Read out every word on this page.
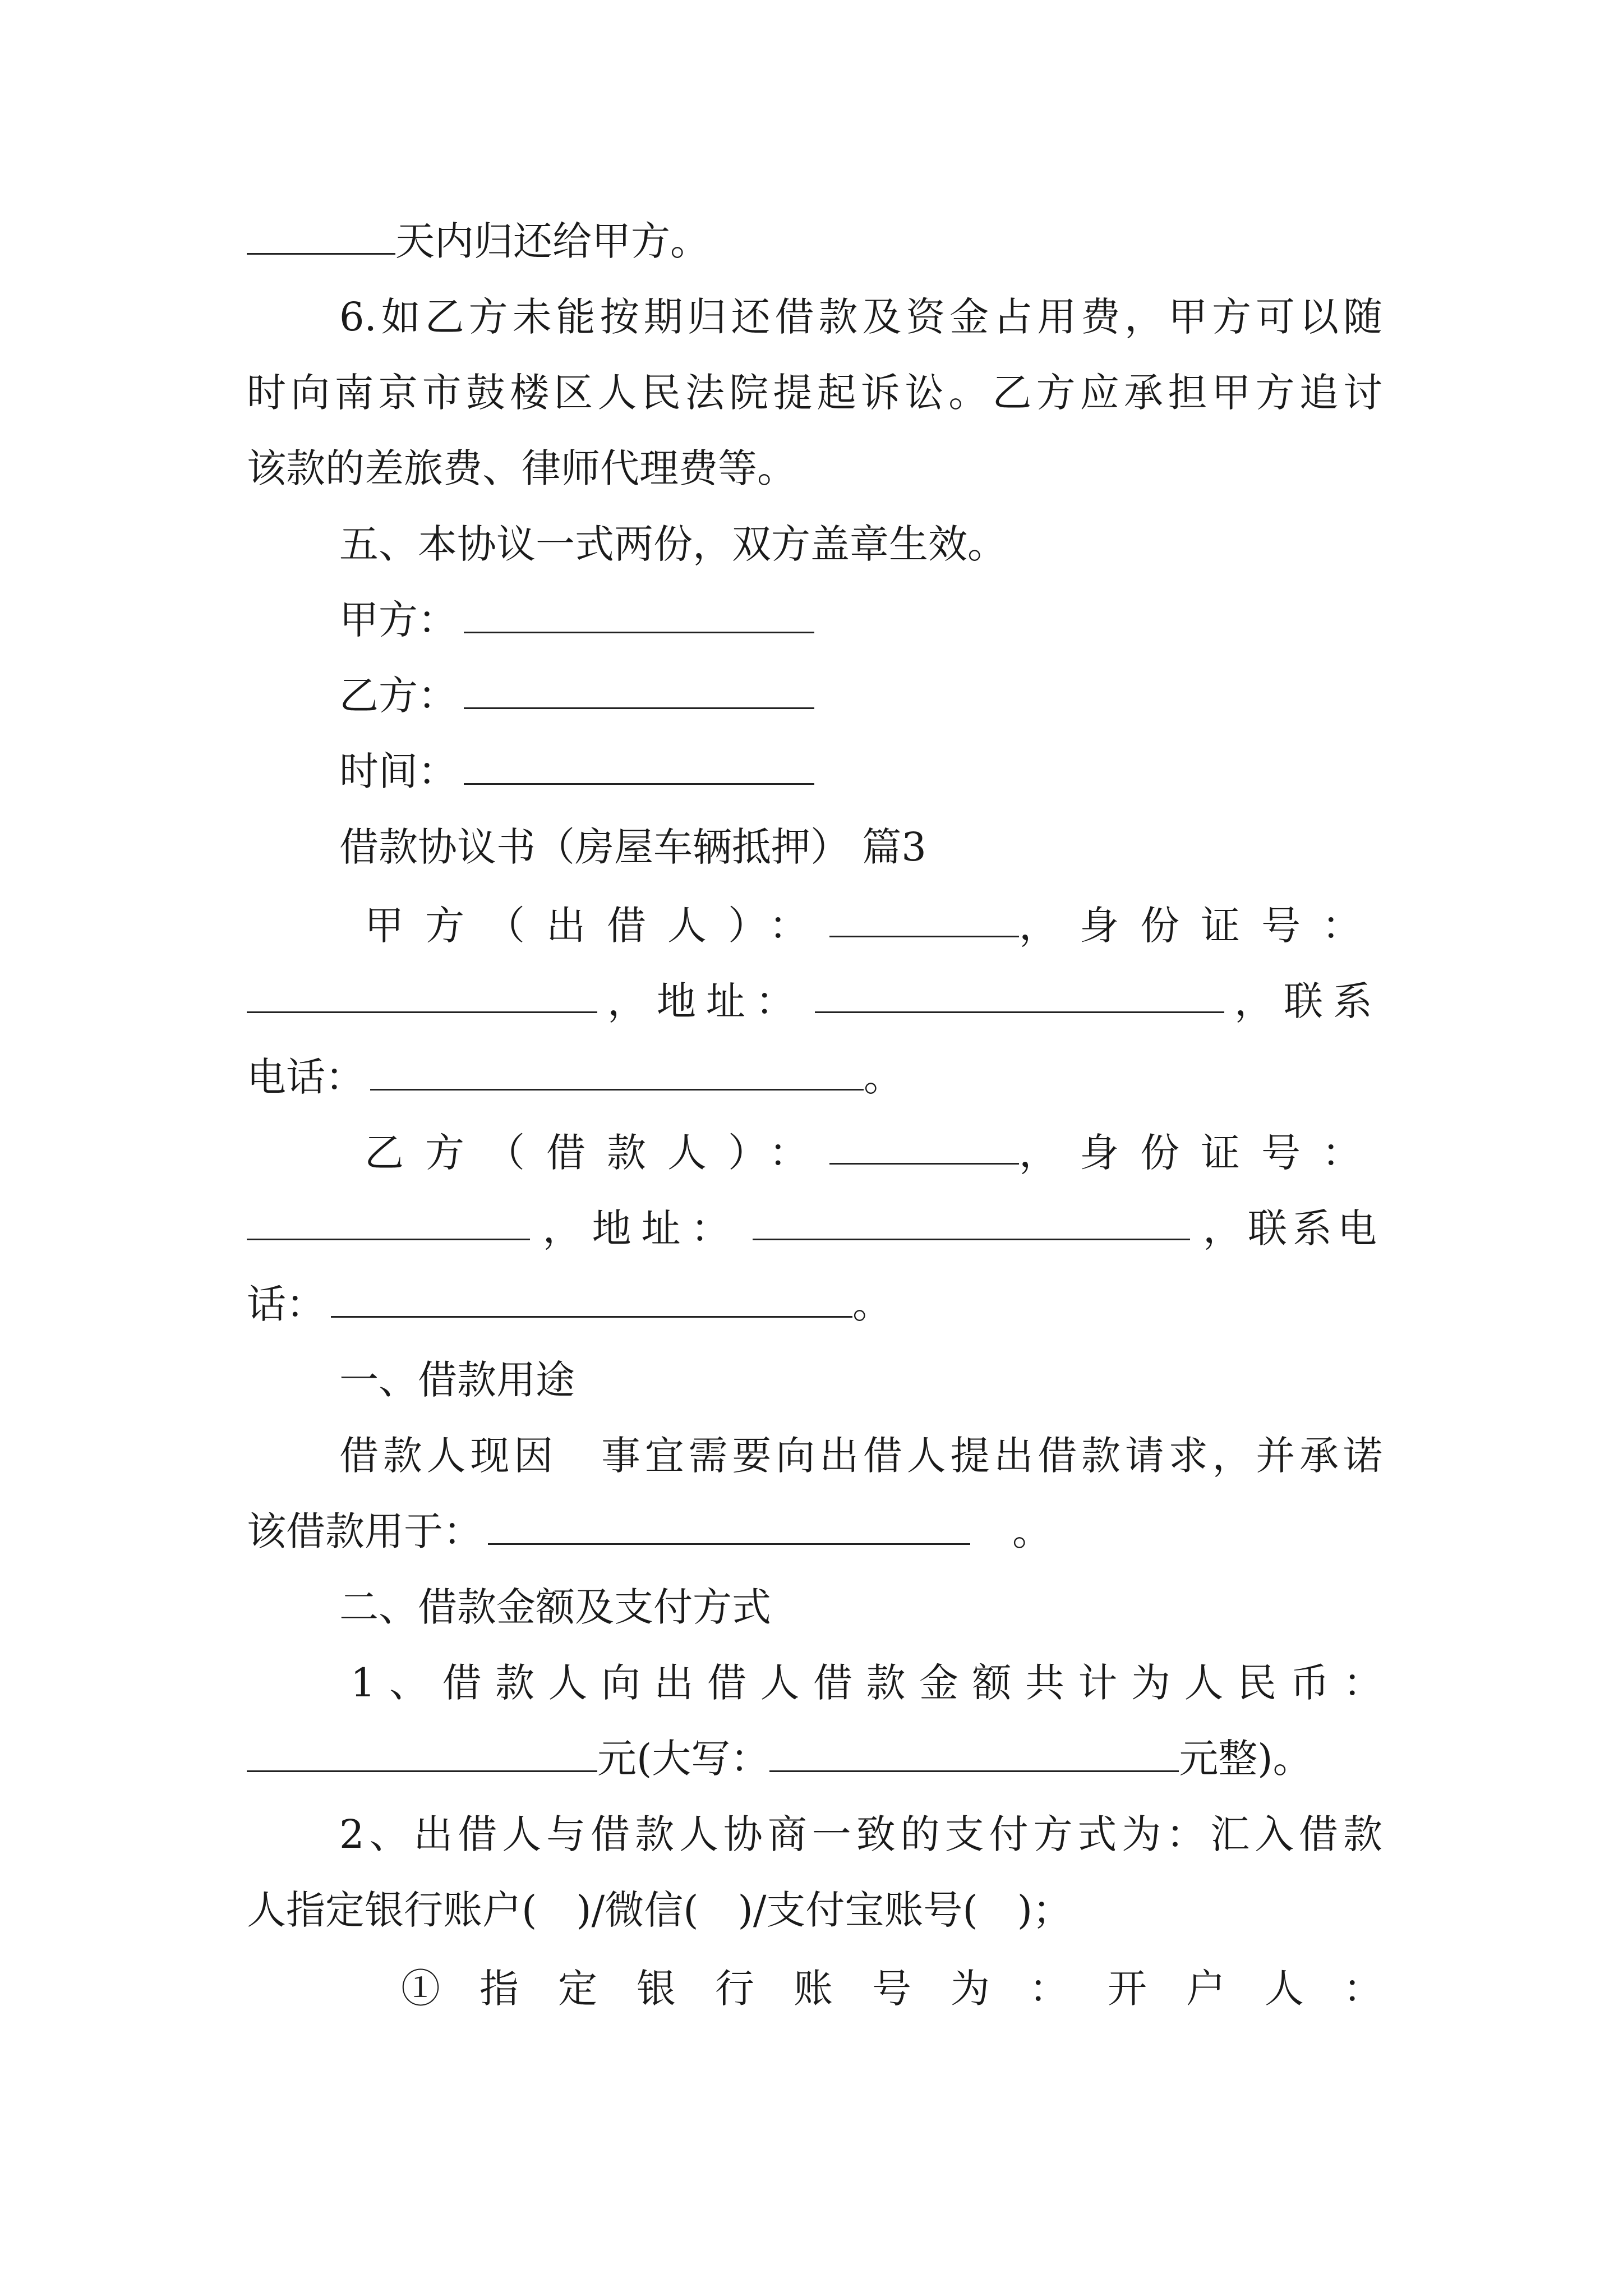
天内归还给甲方。
6.如乙方未能按期归还借款及资金占用费，甲方可以随
时向南京市鼓楼区人民法院提起诉讼。乙方应承担甲方追讨
该款的差旅费、律师代理费等。
五、本协议一式两份，双方盖章生效。
甲方：
乙方：
时间：
借款协议书（房屋车辆抵押） 篇3
甲方（出借人）：	，身份证号：
，地址：	，联系
电话：	。
乙方（借款人）：	，身份证号：
，地址：	，联系电
话：	。
一、借款用途
借款人现因　事宜需要向出借人提出借款请求，并承诺
该借款用于：	。
二、借款金额及支付方式
1、借款人向出借人借款金额共计为人民币：
元(大写：	元整)。
2、出借人与借款人协商一致的支付方式为：汇入借款
人指定银行账户(　)/微信(　)/支付宝账号(　)；
①指定银行账号为：开户人：
